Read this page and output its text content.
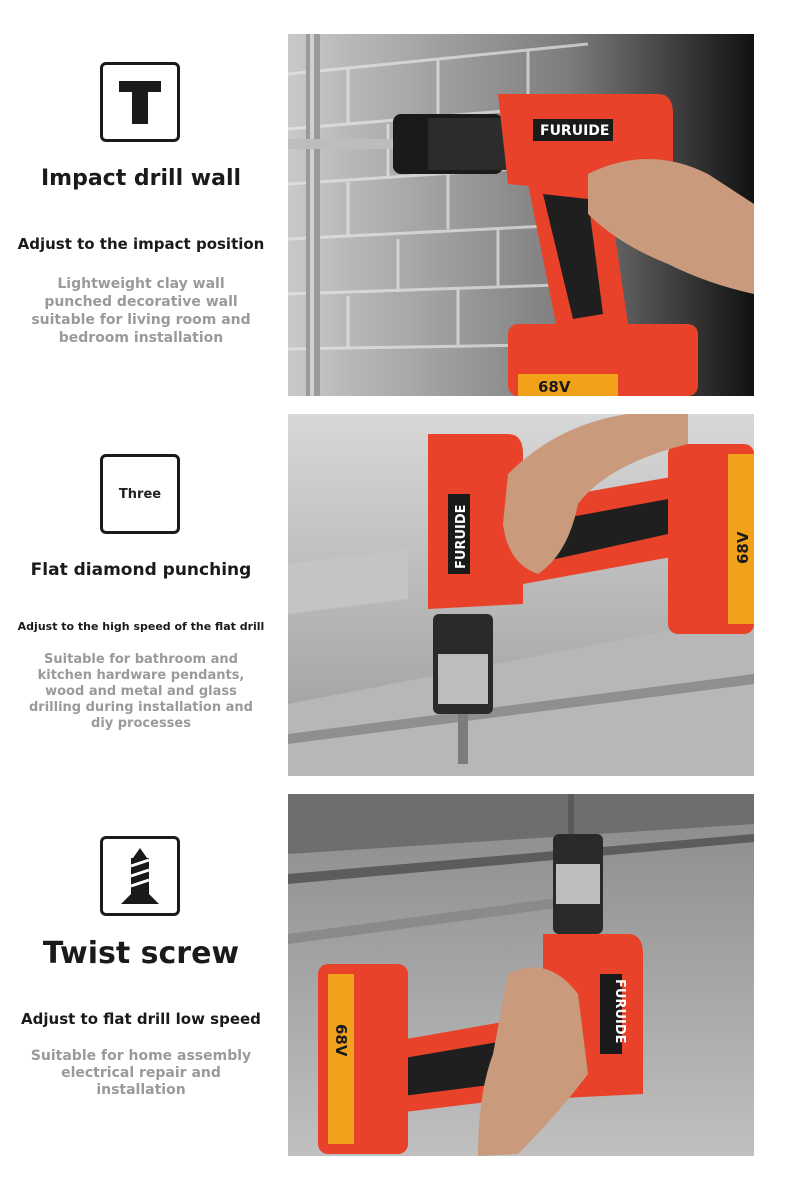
Impact drill wall
Adjust to the impact position
Lightweight clay wall punched decorative wall suitable for living room and bedroom installation
FURUIDE
68V
Three
Flat diamond punching
Adjust to the high speed of the flat drill
Suitable for bathroom and kitchen hardware pendants, wood and metal and glass drilling during installation and diy processes
FURUIDE	68V
Twist screw
Adjust to flat drill low speed
Suitable for home assembly electrical repair and installation
FURUIDE
68V
